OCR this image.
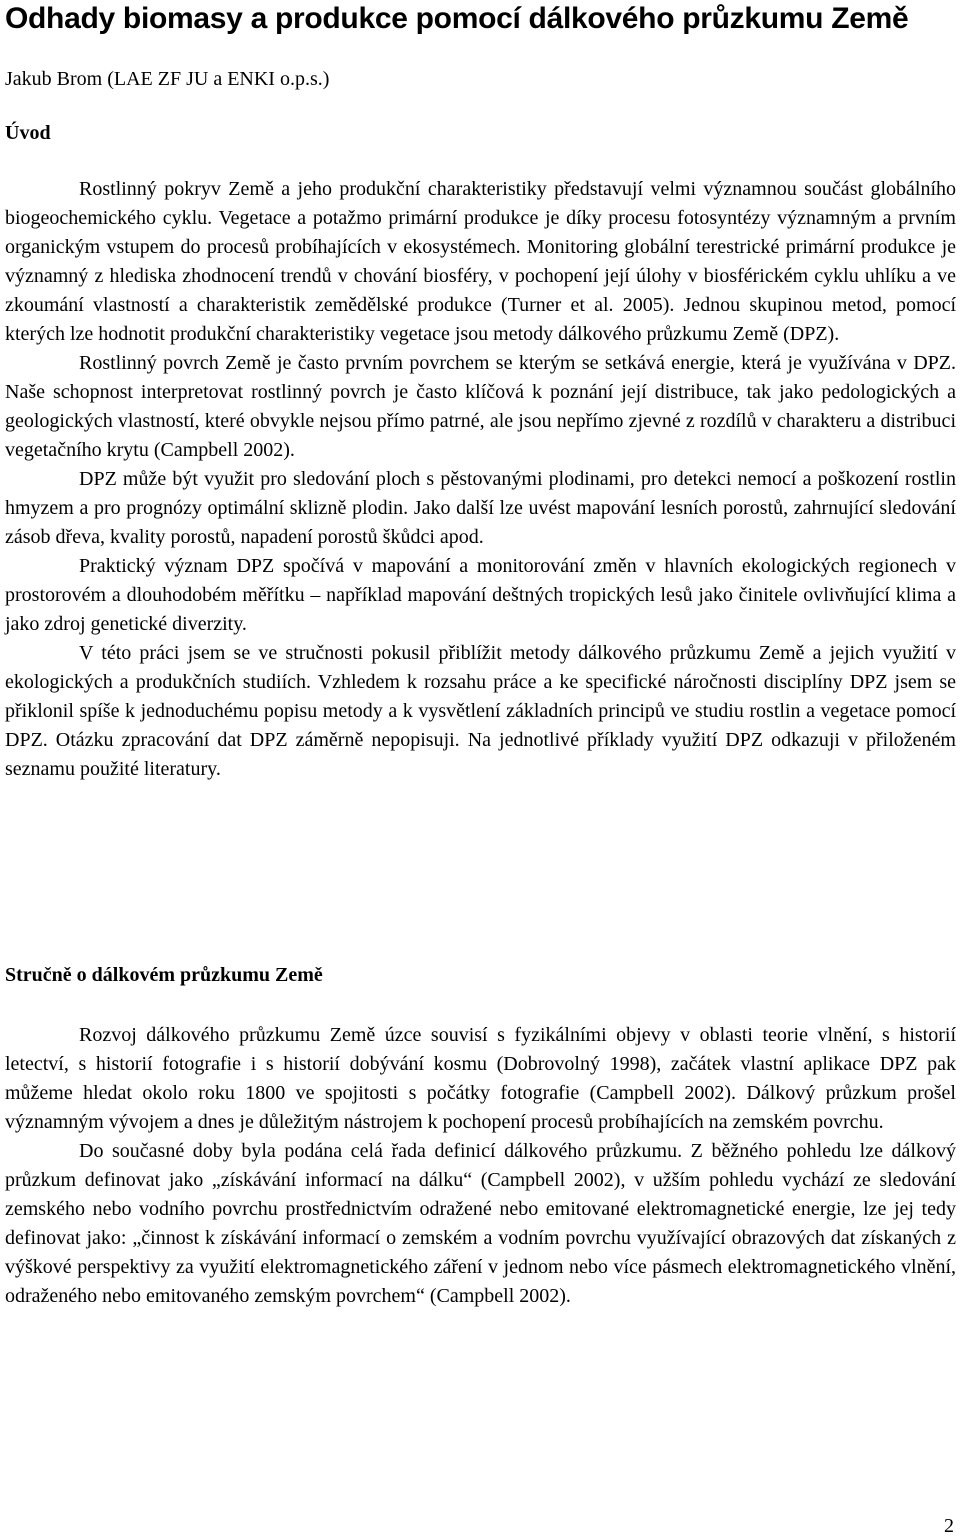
Odhady biomasy a produkce pomocí dálkového průzkumu Země
Jakub Brom (LAE ZF JU a ENKI o.p.s.)
Úvod

Rostlinný pokryv Země a jeho produkční charakteristiky představují velmi významnou součást globálního biogeochemického cyklu. Vegetace a potažmo primární produkce je díky procesu fotosyntézy významným a prvním organickým vstupem do procesů probíhajících v ekosystémech. Monitoring globální terestrické primární produkce je významný z hlediska zhodnocení trendů v chování biosféry, v pochopení její úlohy v biosférickém cyklu uhlíku a ve zkoumání vlastností a charakteristik zemědělské produkce (Turner et al. 2005). Jednou skupinou metod, pomocí kterých lze hodnotit produkční charakteristiky vegetace jsou metody dálkového průzkumu Země (DPZ).

Rostlinný povrch Země je často prvním povrchem se kterým se setkává energie, která je využívána v DPZ. Naše schopnost interpretovat rostlinný povrch je často klíčová k poznání její distribuce, tak jako pedologických a geologických vlastností, které obvykle nejsou přímo patrné, ale jsou nepřímo zjevné z rozdílů v charakteru a distribuci vegetačního krytu (Campbell 2002).

DPZ může být využit pro sledování ploch s pěstovanými plodinami, pro detekci nemocí a poškození rostlin hmyzem a pro prognózy optimální sklizně plodin. Jako další lze uvést mapování lesních porostů, zahrnující sledování zásob dřeva, kvality porostů, napadení porostů škůdci apod.

Praktický význam DPZ spočívá v mapování a monitorování změn v hlavních ekologických regionech v prostorovém a dlouhodobém měřítku – například mapování deštných tropických lesů jako činitele ovlivňující klima a jako zdroj genetické diverzity.

V této práci jsem se ve stručnosti pokusil přiblížit metody dálkového průzkumu Země a jejich využití v ekologických a produkčních studiích. Vzhledem k rozsahu práce a ke specifické náročnosti disciplíny DPZ jsem se přiklonil spíše k jednoduchému popisu metody a k vysvětlení základních principů ve studiu rostlin a vegetace pomocí DPZ. Otázku zpracování dat DPZ záměrně nepopisuji. Na jednotlivé příklady využití DPZ odkazuji v přiloženém seznamu použité literatury.

Stručně o dálkovém průzkumu Země

Rozvoj dálkového průzkumu Země úzce souvisí s fyzikálními objevy v oblasti teorie vlnění, s historií letectví, s historií fotografie i s historií dobývání kosmu (Dobrovolný 1998), začátek vlastní aplikace DPZ pak můžeme hledat okolo roku 1800 ve spojitosti s počátky fotografie (Campbell 2002). Dálkový průzkum prošel významným vývojem a dnes je důležitým nástrojem k pochopení procesů probíhajících na zemském povrchu.

Do současné doby byla podána celá řada definicí dálkového průzkumu. Z běžného pohledu lze dálkový průzkum definovat jako „získávání informací na dálku“ (Campbell 2002), v užším pohledu vychází ze sledování zemského nebo vodního povrchu prostřednictvím odražené nebo emitované elektromagnetické energie, lze jej tedy definovat jako: „činnost k získávání informací o zemském a vodním povrchu využívající obrazových dat získaných z výškové perspektivy za využití elektromagnetického záření v jednom nebo více pásmech elektromagnetického vlnění, odraženého nebo emitovaného zemským povrchem“ (Campbell 2002).

2
